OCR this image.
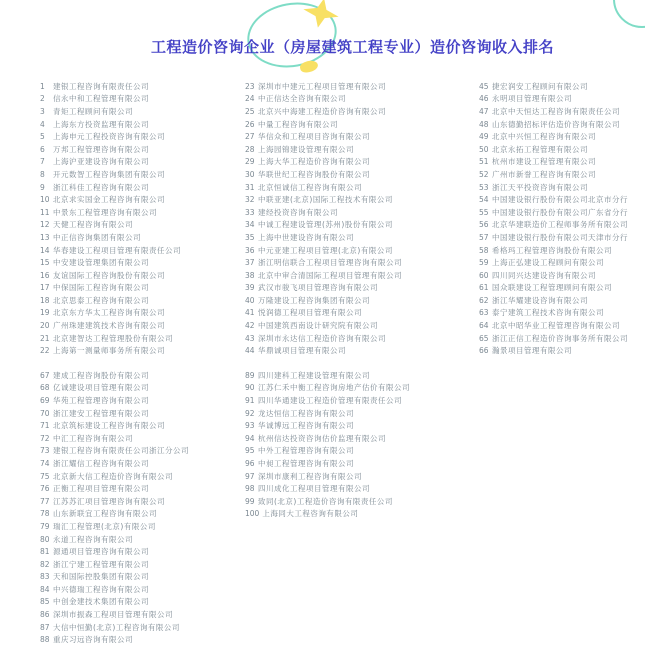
工程造价咨询企业（房屋建筑工程专业）造价咨询收入排名
1	建银工程咨询有限责任公司
2	信永中和工程管理有限公司
3	青矩工程顾问有限公司
4	上海东方投资监理有限公司
5	上海申元工程投资咨询有限公司
6	万邦工程管理咨询有限公司
7	上海沪亚建设咨询有限公司
8	开元数智工程咨询集团有限公司
9	浙江科佳工程咨询有限公司
10 北京求实国金工程咨询有限公司
11 中景东工程管理咨询有限公司
12 天健工程咨询有限公司
13 中正信咨询集团有限公司
14 华春建设工程项目管理有限责任公司
15 中安建设管理集团有限公司
16 友谊国际工程咨询股份有限公司
17 中保国际工程咨询有限公司
18 北京思泰工程咨询有限公司
19 北京东方华太工程咨询有限公司
20 广州珠建建筑技术咨询有限公司
21 北京建智达工程管理股份有限公司
22 上海第一测量师事务所有限公司
23 深圳市中建元工程项目管理有限公司
24 中正信达全咨询有限公司
25 北京兴中海建工程造价咨询有限公司
26 中量工程咨询有限公司
27 华信众和工程项目咨询有限公司
28 上海园锦建设管理有限公司
29 上海大华工程造价咨询有限公司
30 华联世纪工程咨询股份有限公司
31 北京恒诚信工程咨询有限公司
32 中联亚建(北京)国际工程技术有限公司
33 建经投资咨询有限公司
34 中诚工程建设管理(苏州)股份有限公司
35 上海中世建设咨询有限公司
36 中元亚建工程项目管理(北京)有限公司
37 浙江明信联合工程项目管理咨询有限公司
38 北京中审合清国际工程项目管理有限公司
39 武汉市骏飞项目管理咨询有限公司
40 万隆建设工程咨询集团有限公司
41 悦润德工程项目管理有限公司
42 中国建筑西南设计研究院有限公司
43 深圳市永达信工程造价咨询有限公司
44 华鼎诚项目管理有限公司
45 捷宏润安工程顾问有限公司
46 永明项目管理有限公司
47 北京中天恒达工程咨询有限责任公司
48 山东德勤招标评估造价咨询有限公司
49 北京中兴恒工程咨询有限公司
50 北京永拓工程管理有限公司
51 杭州市建设工程管理有限公司
52 广州市新誉工程咨询有限公司
53 浙江天平投资咨询有限公司
54 中国建设银行股份有限公司北京市分行
55 中国建设银行股份有限公司广东省分行
56 北京华建联造价工程师事务所有限公司
57 中国建设银行股份有限公司天津市分行
58 希格玛工程管理咨询股份有限公司
59 上海正弘建设工程顾问有限公司
60 四川同兴达建设咨询有限公司
61 国众联建设工程管理顾问有限公司
62 浙江华耀建设咨询有限公司
63 泰宁建筑工程技术咨询有限公司
64 北京中昭华业工程管理咨询有限公司
65 浙江正信工程造价咨询事务所有限公司
66 瀚景项目管理有限公司
67 建成工程咨询股份有限公司
68 亿诚建设项目管理有限公司
69 华苑工程管理咨询有限公司
70 浙江建安工程管理有限公司
71 北京筑标建设工程咨询有限公司
72 中汇工程咨询有限公司
73 建银工程咨询有限责任公司浙江分公司
74 浙江耀信工程咨询有限公司
75 北京新大信工程造价咨询有限公司
76 正衡工程项目管理有限公司
77 江苏苏汇项目管理咨询有限公司
78 山东新联宜工程咨询有限公司
79 瑞汇工程管理(北京)有限公司
80 永道工程咨询有限公司
81 源通项目管理咨询有限公司
82 浙江宁建工程管理有限公司
83 天和国际控股集团有限公司
84 中兴德瑞工程咨询有限公司
85 中创金建技术集团有限公司
86 深圳市振森工程项目管理有限公司
87 大信中恒勤(北京)工程咨询有限公司
88 重庆习远咨询有限公司
89 四川建科工程建设管理有限公司
90 江苏仁禾中衡工程咨询房地产估价有限公司
91 四川华通建设工程造价管理有限责任公司
92 龙达恒信工程咨询有限公司
93 华诚博远工程咨询有限公司
94 杭州信达投资咨询估价监理有限公司
95 中外工程管理咨询有限公司
96 中昶工程管理咨询有限公司
97 深圳市康利工程咨询有限公司
98 四川成化工程项目管理有限公司
99 致同(北京)工程造价咨询有限责任公司
100 上海同大工程咨询有限公司
